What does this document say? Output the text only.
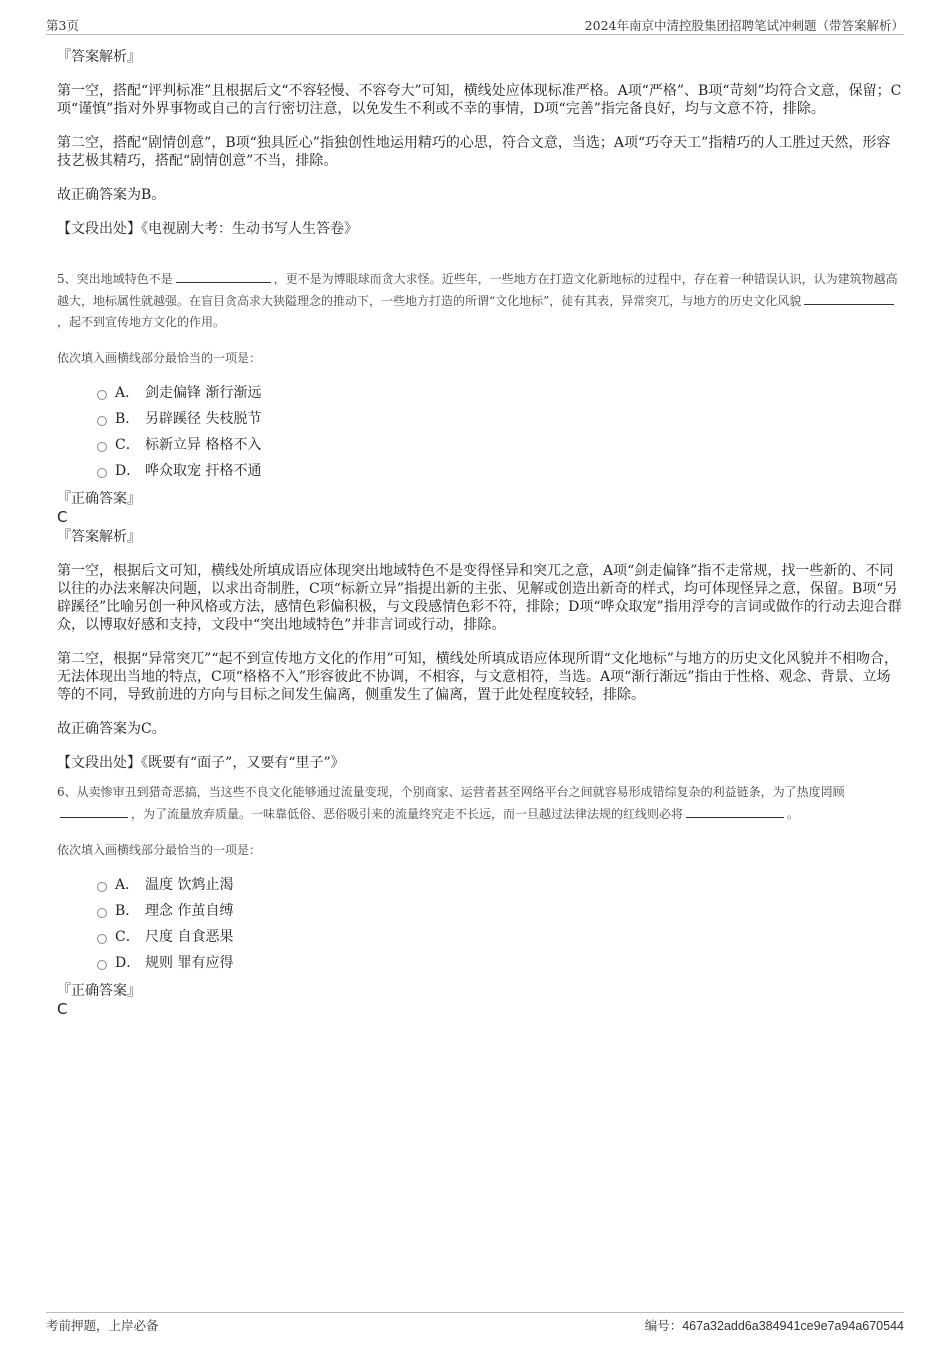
第3页	2024年南京中清控股集团招聘笔试冲刺题（带答案解析）

『答案解析』

第一空，搭配“评判标准”且根据后文“不容轻慢、不容夸大”可知，横线处应体现标准严格。A项“严格”、B项“苛刻”均符合文意，保留；C项“谨慎”指对外界事物或自己的言行密切注意，以免发生不利或不幸的事情，D项“完善”指完备良好，均与文意不符，排除。

第二空，搭配“剧情创意”，B项“独具匠心”指独创性地运用精巧的心思，符合文意，当选；A项“巧夺天工”指精巧的人工胜过天然，形容技艺极其精巧，搭配“剧情创意”不当，排除。

故正确答案为B。

【文段出处】《电视剧大考：生动书写人生答卷》

5、突出地域特色不是	，更不是为博眼球而贪大求怪。近些年，一些地方在打造文化新地标的过程中，存在着一种错误认识，认为建筑物越高越大，地标属性就越强。在盲目贪高求大狭隘理念的推动下，一些地方打造的所谓“文化地标”，徒有其表，异常突兀，与地方的历史文化风貌，起不到宣传地方文化的作用。

依次填入画横线部分最恰当的一项是：

A． 剑走偏锋 渐行渐远
B． 另辟蹊径 失枝脱节
C． 标新立异 格格不入
D． 哗众取宠 扞格不通

『正确答案』

C

『答案解析』

第一空，根据后文可知，横线处所填成语应体现突出地域特色不是变得怪异和突兀之意，A项“剑走偏锋”指不走常规，找一些新的、不同以往的办法来解决问题，以求出奇制胜，C项“标新立异”指提出新的主张、见解或创造出新奇的样式，均可体现怪异之意，保留。B项“另辟蹊径”比喻另创一种风格或方法，感情色彩偏积极，与文段感情色彩不符，排除；D项“哗众取宠”指用浮夸的言词或做作的行动去迎合群众，以博取好感和支持，文段中“突出地域特色”并非言词或行动，排除。

第二空，根据“异常突兀”“起不到宣传地方文化的作用”可知，横线处所填成语应体现所谓“文化地标”与地方的历史文化风貌并不相吻合，无法体现出当地的特点，C项“格格不入”形容彼此不协调，不相容，与文意相符，当选。A项“渐行渐远”指由于性格、观念、背景、立场等的不同，导致前进的方向与目标之间发生偏离，侧重发生了偏离，置于此处程度较轻，排除。

故正确答案为C。

【文段出处】《既要有“面子”，又要有“里子”》

6、从卖惨审丑到猎奇恶搞，当这些不良文化能够通过流量变现，个别商家、运营者甚至网络平台之间就容易形成错综复杂的利益链条，为了热度罔顾，为了流量放弃质量。一味靠低俗、恶俗吸引来的流量终究走不长远，而一旦越过法律法规的红线则必将	。

依次填入画横线部分最恰当的一项是：

A． 温度 饮鸩止渴
B． 理念 作茧自缚
C． 尺度 自食恶果
D． 规则 罪有应得

『正确答案』

C

考前押题，上岸必备	编号：467a32add6a384941ce9e7a94a670544
